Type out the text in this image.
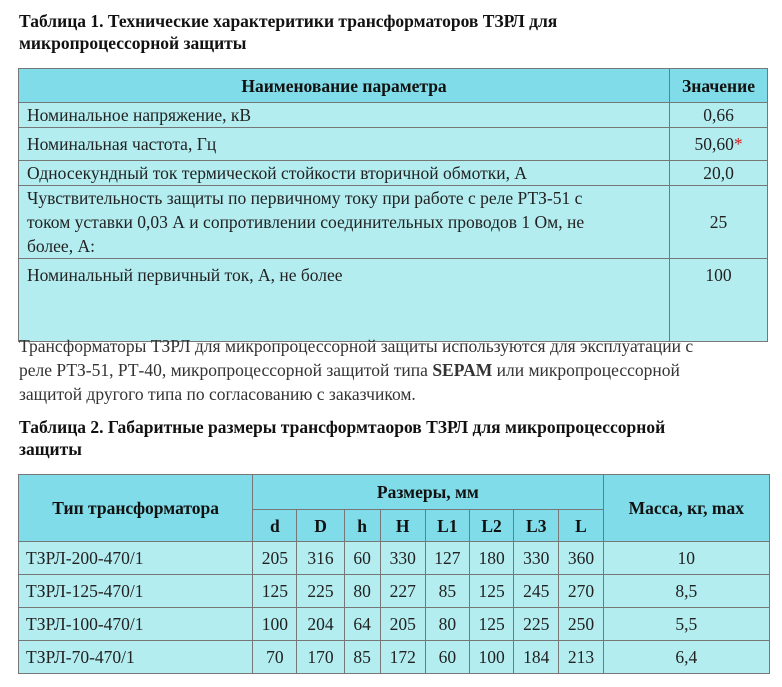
Таблица 1. Технические характеритики трансформаторов ТЗРЛ для
микропроцессорной защиты
Наименование параметра	Значение

Номинальное напряжение, кВ	0,66

Номинальная частота, Гц	50,60*

Односекундный ток термической стойкости вторичной обмотки, А	20,0

Чувствительность защиты по первичному току при работе с реле РТЗ-51 с
током уставки 0,03 А и сопротивлении соединительных проводов 1 Ом, не
более, А:	25

Номинальный первичный ток, А, не более	100
Трансформаторы ТЗРЛ для микропроцессорной защиты используются для эксплуатации с
реле РТЗ-51, РТ-40, микропроцессорной защитой типа SEPAM или микропроцессорной
защитой другого типа по согласованию с заказчиком.
Таблица 2. Габаритные размеры трансформтаоров ТЗРЛ для микропроцессорной
защиты
Тип трансформатора	Размеры, мм								Масса, кг, max
	d	D	h	H	L1	L2	L3	L	
ТЗРЛ-200-470/1	205	316	60	330	127	180	330	360	10
ТЗРЛ-125-470/1	125	225	80	227	85	125	245	270	8,5
ТЗРЛ-100-470/1	100	204	64	205	80	125	225	250	5,5
ТЗРЛ-70-470/1	70	170	85	172	60	100	184	213	6,4
